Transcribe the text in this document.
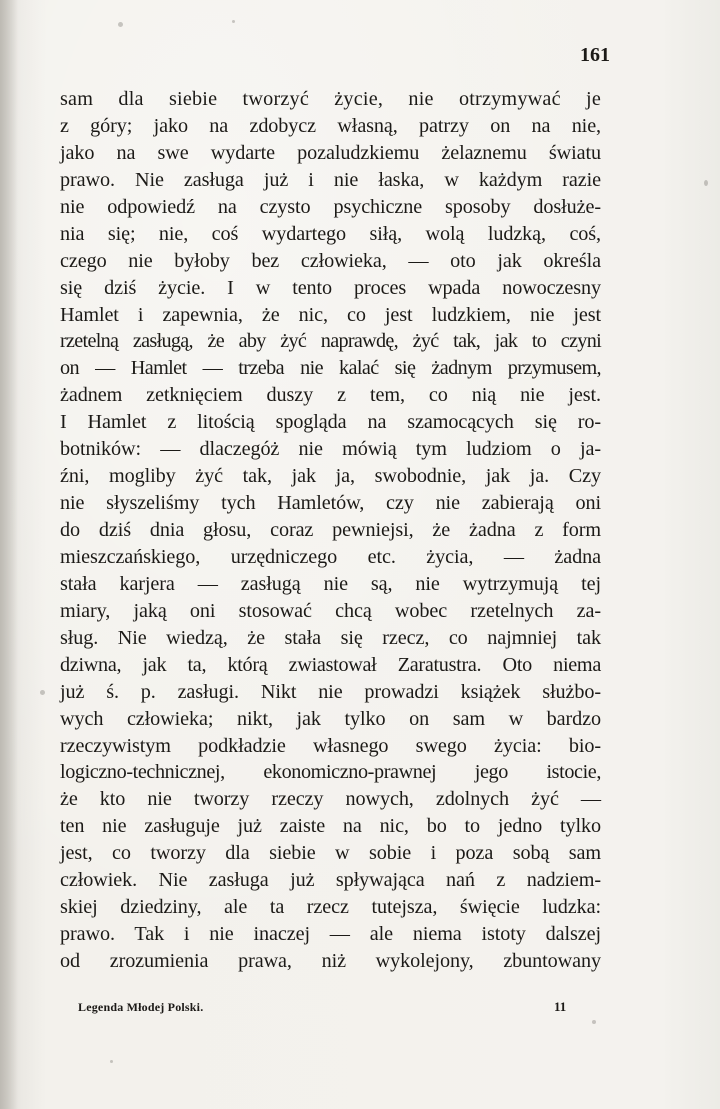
161
sam dla siebie tworzyć życie, nie otrzymywać je
z góry; jako na zdobycz własną, patrzy on na nie,
jako na swe wydarte pozaludzkiemu żelaznemu światu
prawo. Nie zasługa już i nie łaska, w każdym razie
nie odpowiedź na czysto psychiczne sposoby dosłuże-
nia się; nie, coś wydartego siłą, wolą ludzką, coś,
czego nie byłoby bez człowieka, — oto jak określa
się dziś życie. I w tento proces wpada nowoczesny
Hamlet i zapewnia, że nic, co jest ludzkiem, nie jest
rzetelną zasługą, że aby żyć naprawdę, żyć tak, jak to czyni
on — Hamlet — trzeba nie kalać się żadnym przymusem,
żadnem zetknięciem duszy z tem, co nią nie jest.
I Hamlet z litością spogląda na szamocących się ro-
botników: — dlaczegóż nie mówią tym ludziom o ja-
źni, mogliby żyć tak, jak ja, swobodnie, jak ja. Czy
nie słyszeliśmy tych Hamletów, czy nie zabierają oni
do dziś dnia głosu, coraz pewniejsi, że żadna z form
mieszczańskiego, urzędniczego etc. życia, — żadna
stała karjera — zasługą nie są, nie wytrzymują tej
miary, jaką oni stosować chcą wobec rzetelnych za-
sług. Nie wiedzą, że stała się rzecz, co najmniej tak
dziwna, jak ta, którą zwiastował Zaratustra. Oto niema
już ś. p. zasługi. Nikt nie prowadzi książek służbo-
wych człowieka; nikt, jak tylko on sam w bardzo
rzeczywistym podkładzie własnego swego życia: bio-
logiczno-technicznej, ekonomiczno-prawnej jego istocie,
że kto nie tworzy rzeczy nowych, zdolnych żyć —
ten nie zasługuje już zaiste na nic, bo to jedno tylko
jest, co tworzy dla siebie w sobie i poza sobą sam
człowiek. Nie zasługa już spływająca nań z nadziem-
skiej dziedziny, ale ta rzecz tutejsza, święcie ludzka:
prawo. Tak i nie inaczej — ale niema istoty dalszej
od zrozumienia prawa, niż wykolejony, zbuntowany
Legenda Młodej Polski.	11
